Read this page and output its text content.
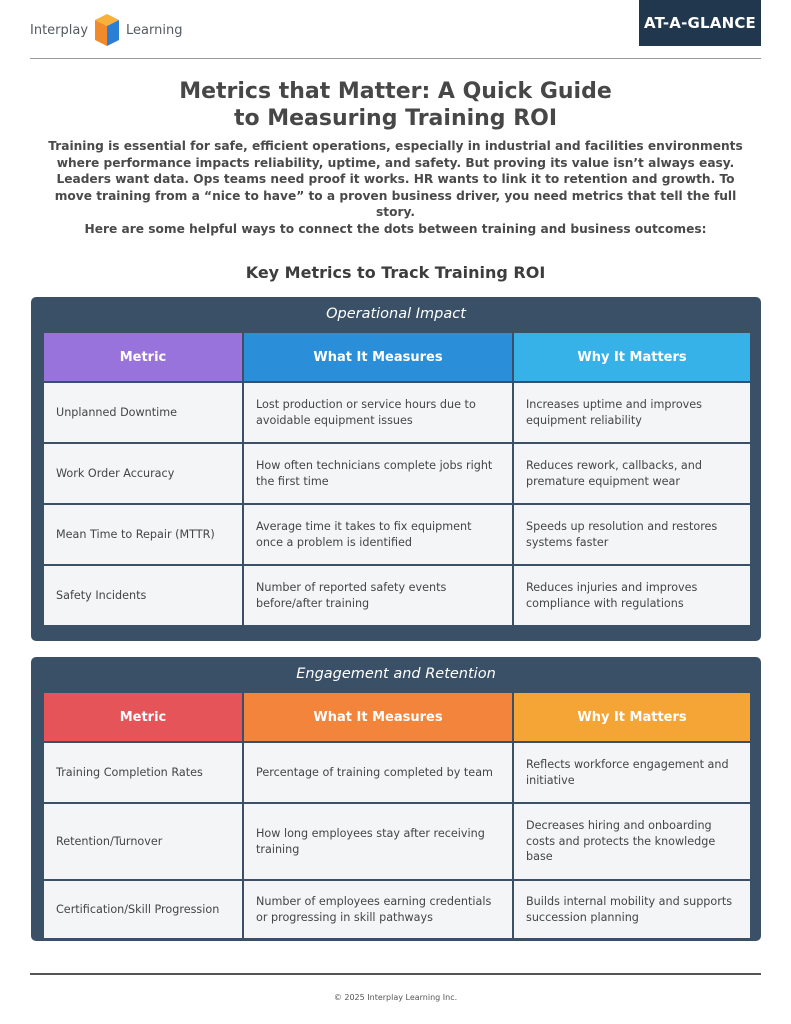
Interplay	Learning	AT-A-GLANCE
Metrics that Matter: A Quick Guide
to Measuring Training ROI

Training is essential for safe, efficient operations, especially in industrial and facilities environments where performance impacts reliability, uptime, and safety. But proving its value isn’t always easy. Leaders want data. Ops teams need proof it works. HR wants to link it to retention and growth. To move training from a “nice to have” to a proven business driver, you need metrics that tell the full story.

Here are some helpful ways to connect the dots between training and business outcomes:

Key Metrics to Track Training ROI
Operational Impact
Metric	What It Measures	Why It Matters
Unplanned Downtime	Lost production or service hours due to avoidable equipment issues	Increases uptime and improves equipment reliability
Work Order Accuracy	How often technicians complete jobs right the first time	Reduces rework, callbacks, and premature equipment wear
Mean Time to Repair (MTTR)	Average time it takes to fix equipment once a problem is identified	Speeds up resolution and restores systems faster
Safety Incidents	Number of reported safety events before/after training	Reduces injuries and improves compliance with regulations
Engagement and Retention
Metric	What It Measures	Why It Matters
Training Completion Rates	Percentage of training completed by team	Reflects workforce engagement and initiative
Retention/Turnover	How long employees stay after receiving training	Decreases hiring and onboarding costs and protects the knowledge base
Certification/Skill Progression	Number of employees earning credentials or progressing in skill pathways	Builds internal mobility and supports succession planning
© 2025 Interplay Learning Inc.
